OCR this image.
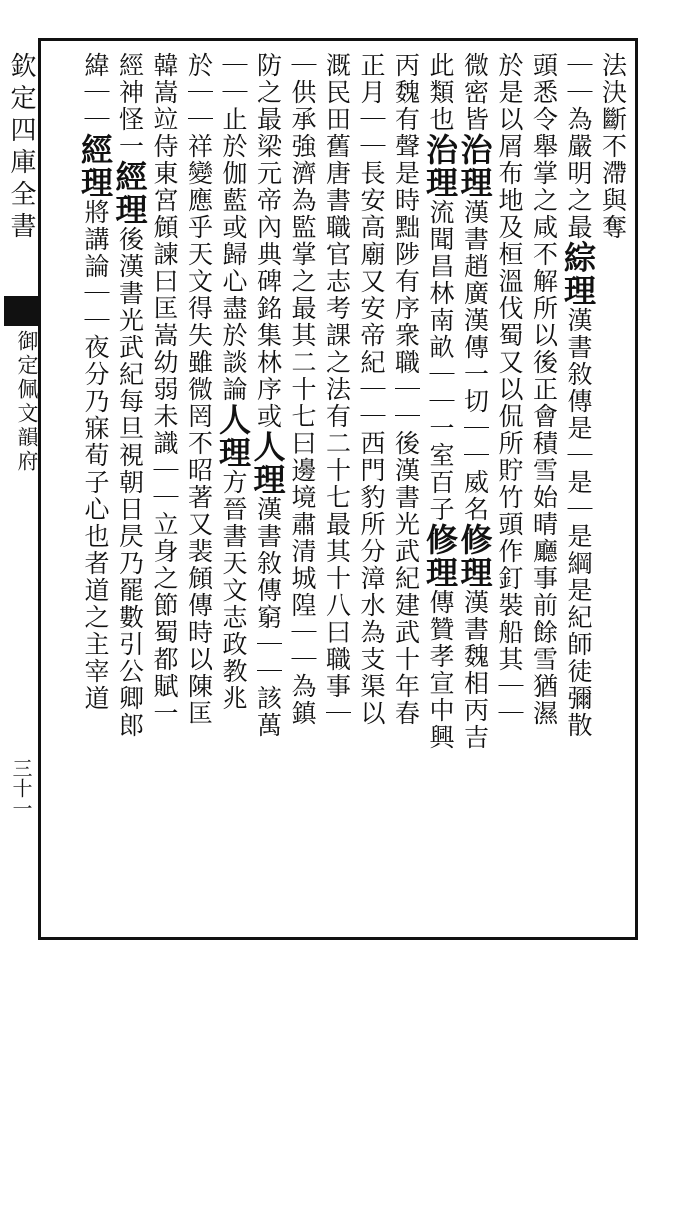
欽定四庫全書
御定佩文韻府
三十一
法決斷不滯與奪
｜｜為嚴明之最綜理漢書敘傳是｜是｜是綱是紀師徒彌散
頭悉令舉掌之咸不解所以後正會積雪始晴廳事前餘雪猶濕
於是以屑布地及桓溫伐蜀又以侃所貯竹頭作釘裝船其｜｜
微密皆治理漢書趙廣漢傳一切｜｜威名修理漢書魏相丙吉
此類也治理流聞昌林南畝｜｜一室百子修理傳贊孝宣中興
丙魏有聲是時黜陟有序衆職｜｜後漢書光武紀建武十年春
正月｜｜長安高廟又安帝紀｜｜西門豹所分漳水為支渠以
溉民田舊唐書職官志考課之法有二十七最其十八曰職事｜
｜供承強濟為監掌之最其二十七曰邊境肅清城隍｜｜為鎮
防之最梁元帝內典碑銘集林序或人理漢書敘傳窮｜｜該萬
｜｜止於伽藍或歸心盡於談論人理方晉書天文志政教兆
於｜｜祥變應乎天文得失雖微罔不昭著又裴頠傳時以陳匡
韓嵩竝侍東宮頠諫曰匡嵩幼弱未識｜｜立身之節蜀都賦一
經神怪一經理後漢書光武紀每旦視朝日昃乃罷數引公卿郎
緯｜｜經理將講論｜｜夜分乃寐荀子心也者道之主宰道
